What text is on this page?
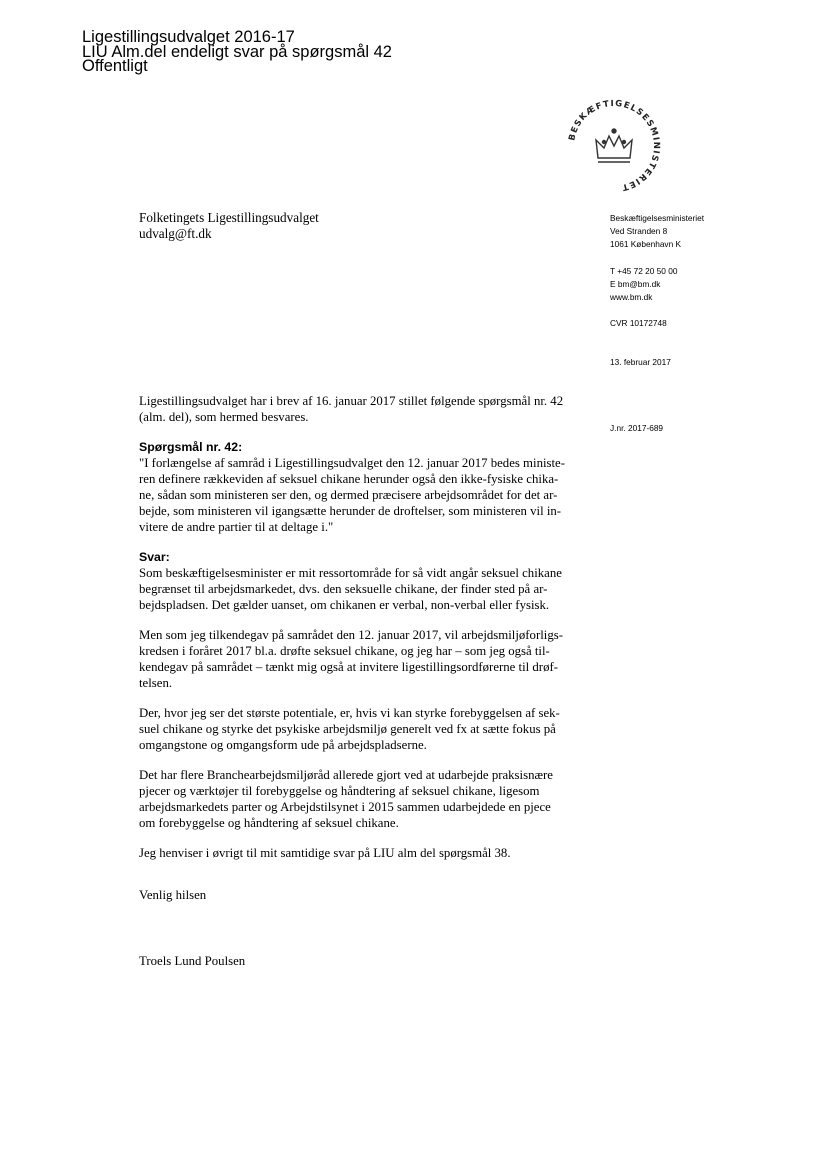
Ligestillingsudvalget 2016-17
LIU Alm.del endeligt svar på spørgsmål 42
Offentligt
BESKÆFTIGELSESMINISTERIET
Folketingets Ligestillingsudvalget
udvalg@ft.dk
Beskæftigelsesministeriet
Ved Stranden 8
1061 København K
T +45 72 20 50 00
E bm@bm.dk
www.bm.dk
CVR 10172748
13. februar 2017
J.nr. 2017-689

Ligestillingsudvalget har i brev af 16. januar 2017 stillet følgende spørgsmål nr. 42
(alm. del), som hermed besvares.

Spørgsmål nr. 42:
"I forlængelse af samråd i Ligestillingsudvalget den 12. januar 2017 bedes ministe-
ren definere rækkeviden af seksuel chikane herunder også den ikke-fysiske chika-
ne, sådan som ministeren ser den, og dermed præcisere arbejdsområdet for det ar-
bejde, som ministeren vil igangsætte herunder de droftelser, som ministeren vil in-
vitere de andre partier til at deltage i."

Svar:
Som beskæftigelsesminister er mit ressortområde for så vidt angår seksuel chikane
begrænset til arbejdsmarkedet, dvs. den seksuelle chikane, der finder sted på ar-
bejdspladsen. Det gælder uanset, om chikanen er verbal, non-verbal eller fysisk.

Men som jeg tilkendegav på samrådet den 12. januar 2017, vil arbejdsmiljøforligs-
kredsen i foråret 2017 bl.a. drøfte seksuel chikane, og jeg har – som jeg også til-
kendegav på samrådet – tænkt mig også at invitere ligestillingsordførerne til drøf-
telsen.

Der, hvor jeg ser det største potentiale, er, hvis vi kan styrke forebyggelsen af sek-
suel chikane og styrke det psykiske arbejdsmiljø generelt ved fx at sætte fokus på
omgangstone og omgangsform ude på arbejdspladserne.

Det har flere Branchearbejdsmiljøråd allerede gjort ved at udarbejde praksisnære
pjecer og værktøjer til forebyggelse og håndtering af seksuel chikane, ligesom
arbejdsmarkedets parter og Arbejdstilsynet i 2015 sammen udarbejdede en pjece
om forebyggelse og håndtering af seksuel chikane.

Jeg henviser i øvrigt til mit samtidige svar på LIU alm del spørgsmål 38.

Venlig hilsen

Troels Lund Poulsen
